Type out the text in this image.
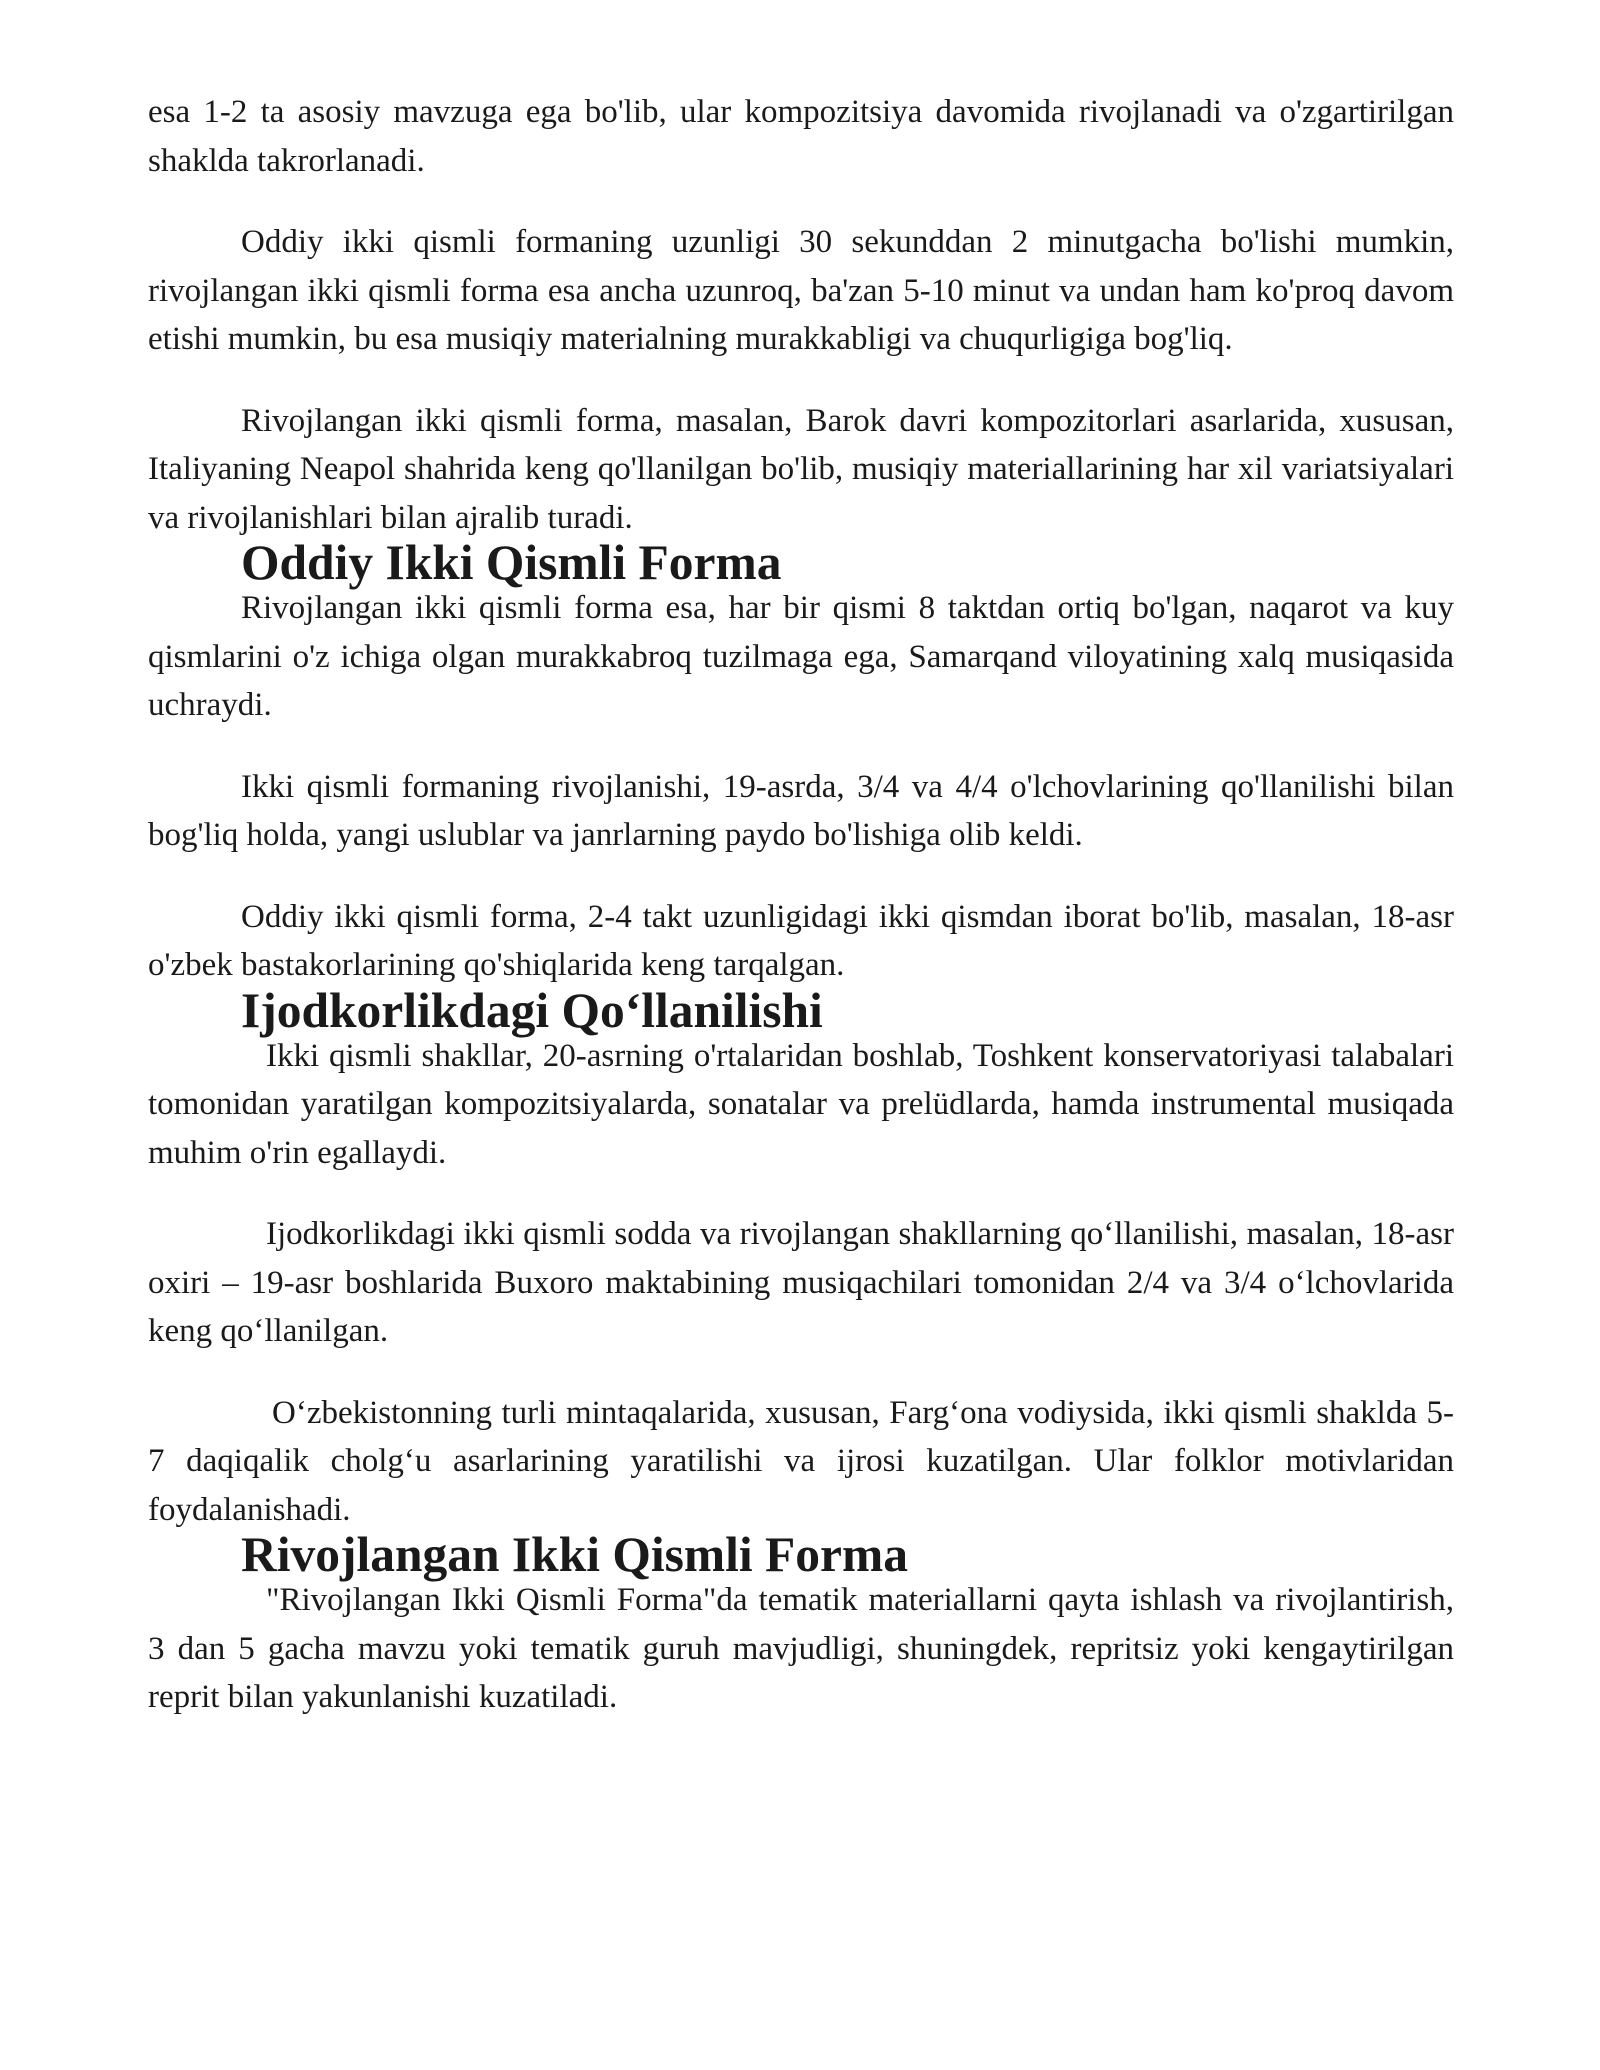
esa 1-2 ta asosiy mavzuga ega bo'lib, ular kompozitsiya davomida rivojlanadi va o'zgartirilgan shaklda takrorlanadi.

Oddiy ikki qismli formaning uzunligi 30 sekunddan 2 minutgacha bo'lishi mumkin, rivojlangan ikki qismli forma esa ancha uzunroq, ba'zan 5-10 minut va undan ham ko'proq davom etishi mumkin, bu esa musiqiy materialning murakkabligi va chuqurligiga bog'liq.

Rivojlangan ikki qismli forma, masalan, Barok davri kompozitorlari asarlarida, xususan, Italiyaning Neapol shahrida keng qo'llanilgan bo'lib, musiqiy materiallarining har xil variatsiyalari va rivojlanishlari bilan ajralib turadi.

Oddiy Ikki Qismli Forma

Rivojlangan ikki qismli forma esa, har bir qismi 8 taktdan ortiq bo'lgan, naqarot va kuy qismlarini o'z ichiga olgan murakkabroq tuzilmaga ega, Samarqand viloyatining xalq musiqasida uchraydi.

Ikki qismli formaning rivojlanishi, 19-asrda, 3/4 va 4/4 o'lchovlarining qo'llanilishi bilan bog'liq holda, yangi uslublar va janrlarning paydo bo'lishiga olib keldi.

Oddiy ikki qismli forma, 2-4 takt uzunligidagi ikki qismdan iborat bo'lib, masalan, 18-asr o'zbek bastakorlarining qo'shiqlarida keng tarqalgan.

Ijodkorlikdagi Qo‘llanilishi

Ikki qismli shakllar, 20-asrning o'rtalaridan boshlab, Toshkent konservatoriyasi talabalari tomonidan yaratilgan kompozitsiyalarda, sonatalar va prelüdlarda, hamda instrumental musiqada muhim o'rin egallaydi.

Ijodkorlikdagi ikki qismli sodda va rivojlangan shakllarning qo‘llanilishi, masalan, 18-asr oxiri – 19-asr boshlarida Buxoro maktabining musiqachilari tomonidan 2/4 va 3/4 o‘lchovlarida keng qo‘llanilgan.

O‘zbekistonning turli mintaqalarida, xususan, Farg‘ona vodiysida, ikki qismli shaklda 5-7 daqiqalik cholg‘u asarlarining yaratilishi va ijrosi kuzatilgan. Ular folklor motivlaridan foydalanishadi.

Rivojlangan Ikki Qismli Forma

"Rivojlangan Ikki Qismli Forma"da tematik materiallarni qayta ishlash va rivojlantirish, 3 dan 5 gacha mavzu yoki tematik guruh mavjudligi, shuningdek, repritsiz yoki kengaytirilgan reprit bilan yakunlanishi kuzatiladi.
